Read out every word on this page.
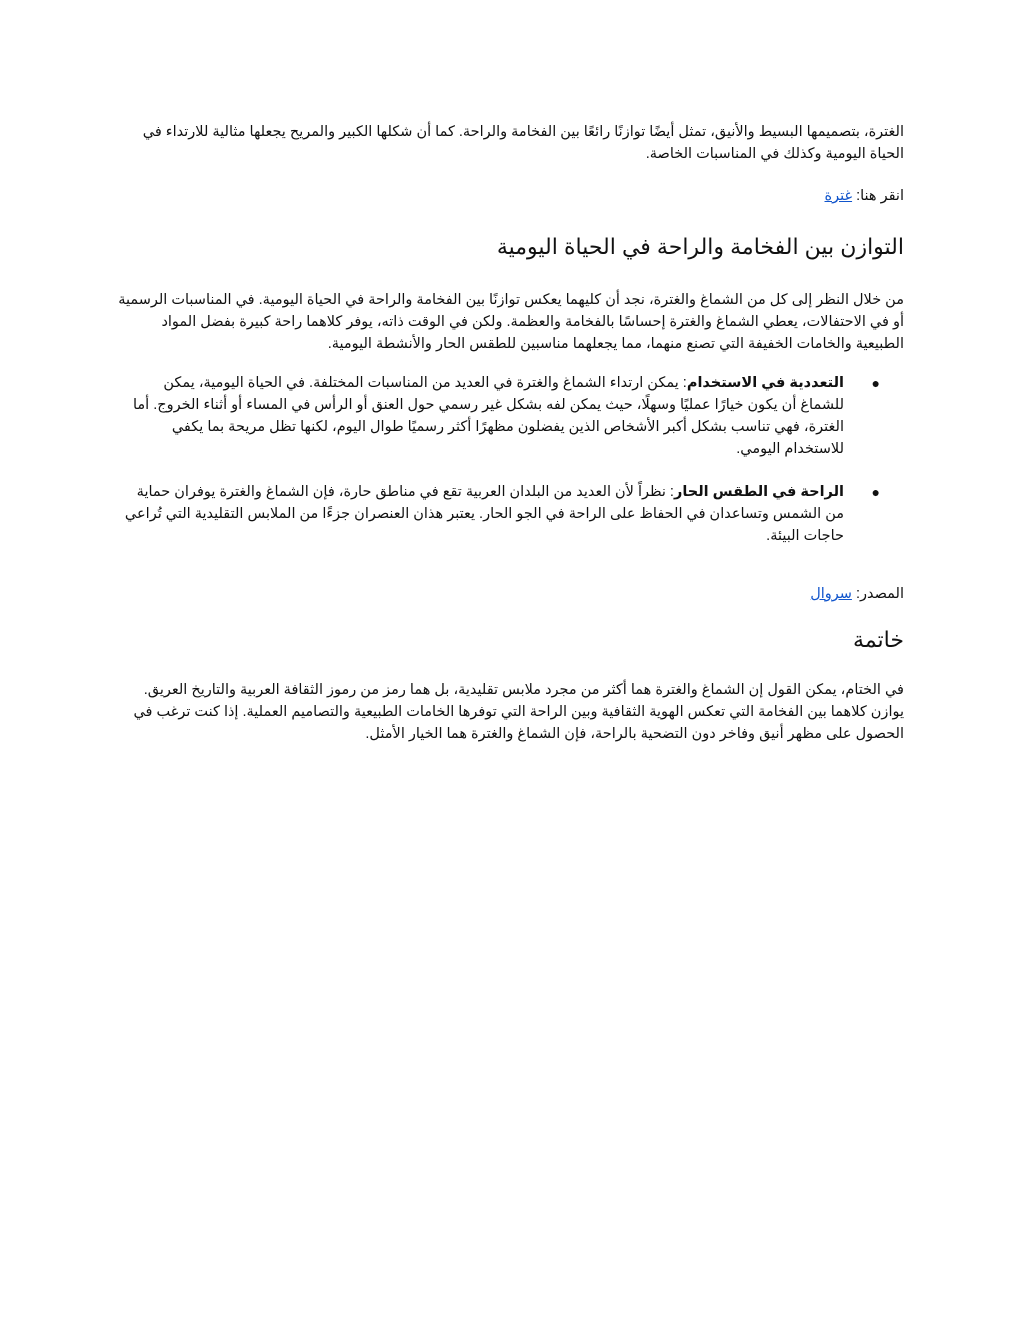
الغترة، بتصميمها البسيط والأنيق، تمثل أيضًا توازنًا رائعًا بين الفخامة والراحة. كما أن شكلها الكبير والمريح يجعلها مثالية للارتداء في الحياة اليومية وكذلك في المناسبات الخاصة.

انقر هنا: غترة

التوازن بين الفخامة والراحة في الحياة اليومية

من خلال النظر إلى كل من الشماغ والغترة، نجد أن كليهما يعكس توازنًا بين الفخامة والراحة في الحياة اليومية. في المناسبات الرسمية أو في الاحتفالات، يعطي الشماغ والغترة إحساسًا بالفخامة والعظمة. ولكن في الوقت ذاته، يوفر كلاهما راحة كبيرة بفضل المواد الطبيعية والخامات الخفيفة التي تصنع منهما، مما يجعلهما مناسبين للطقس الحار والأنشطة اليومية.

●
التعددية في الاستخدام: يمكن ارتداء الشماغ والغترة في العديد من المناسبات المختلفة. في الحياة اليومية، يمكن للشماغ أن يكون خيارًا عمليًا وسهلًا، حيث يمكن لفه بشكل غير رسمي حول العنق أو الرأس في المساء أو أثناء الخروج. أما الغترة، فهي تناسب بشكل أكبر الأشخاص الذين يفضلون مظهرًا أكثر رسميًا طوال اليوم، لكنها تظل مريحة بما يكفي للاستخدام اليومي.
●
الراحة في الطقس الحار: نظراً لأن العديد من البلدان العربية تقع في مناطق حارة، فإن الشماغ والغترة يوفران حماية من الشمس وتساعدان في الحفاظ على الراحة في الجو الحار. يعتبر هذان العنصران جزءًا من الملابس التقليدية التي تُراعي حاجات البيئة.

المصدر: سروال

خاتمة

في الختام، يمكن القول إن الشماغ والغترة هما أكثر من مجرد ملابس تقليدية، بل هما رمز من رموز الثقافة العربية والتاريخ العريق. يوازن كلاهما بين الفخامة التي تعكس الهوية الثقافية وبين الراحة التي توفرها الخامات الطبيعية والتصاميم العملية. إذا كنت ترغب في الحصول على مظهر أنيق وفاخر دون التضحية بالراحة، فإن الشماغ والغترة هما الخيار الأمثل.
